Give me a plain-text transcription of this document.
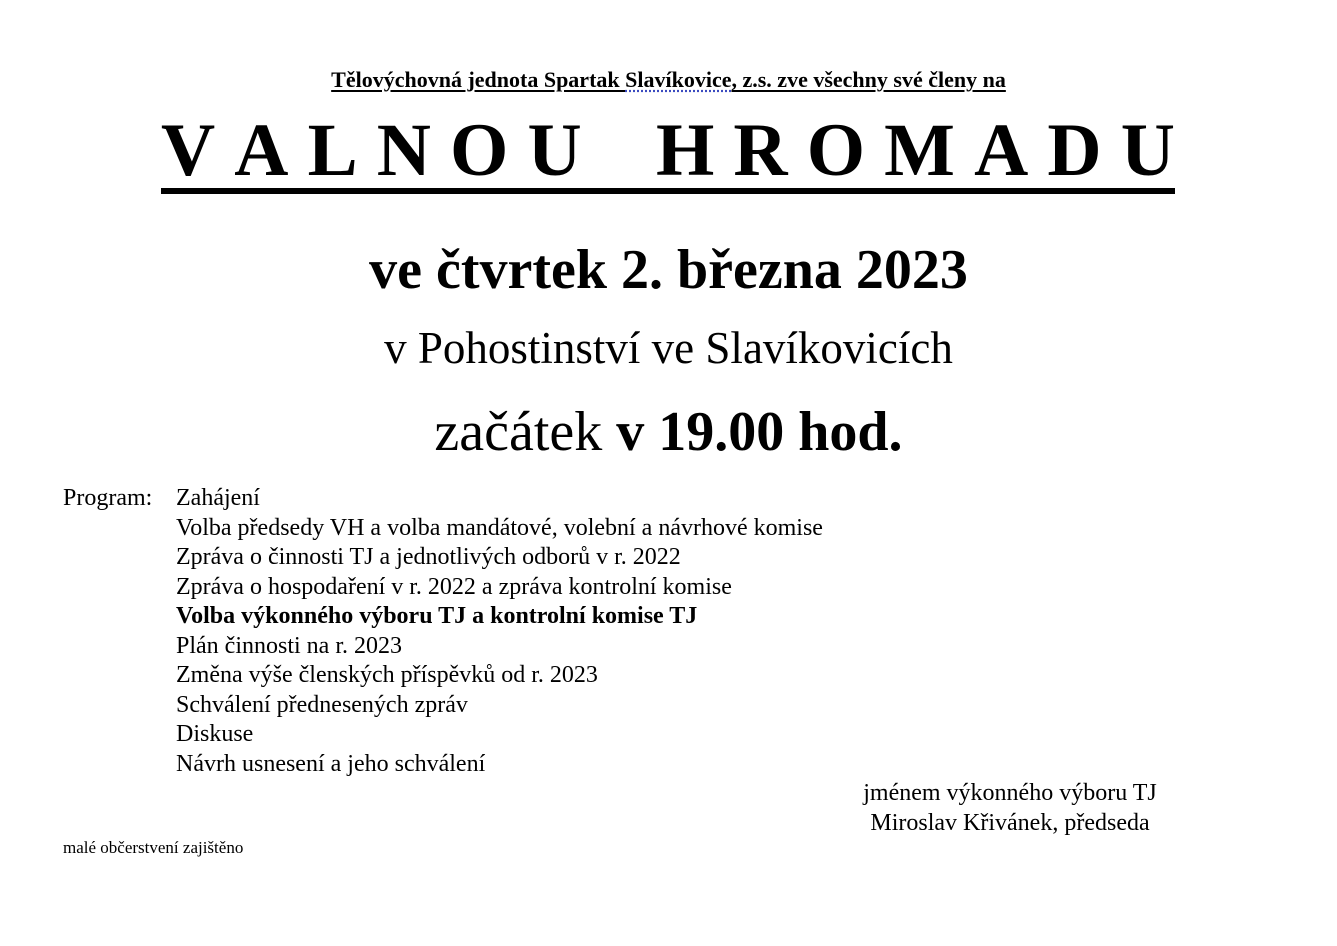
Tělovýchovná jednota Spartak Slavíkovice, z.s. zve všechny své členy na
V A L N O U H R O M A D U
ve čtvrtek 2. března 2023
v Pohostinství ve Slavíkovicích
začátek v 19.00 hod.
Program: Zahájení
Volba předsedy VH a volba mandátové, volební a návrhové komise
Zpráva o činnosti TJ a jednotlivých odborů v r. 2022
Zpráva o hospodaření v r. 2022 a zpráva kontrolní komise
Volba výkonného výboru TJ a kontrolní komise TJ
Plán činnosti na r. 2023
Změna výše členských příspěvků od r. 2023
Schválení přednesených zpráv
Diskuse
Návrh usnesení a jeho schválení
jménem výkonného výboru TJ
Miroslav Křivánek, předseda
malé občerstvení zajištěno
